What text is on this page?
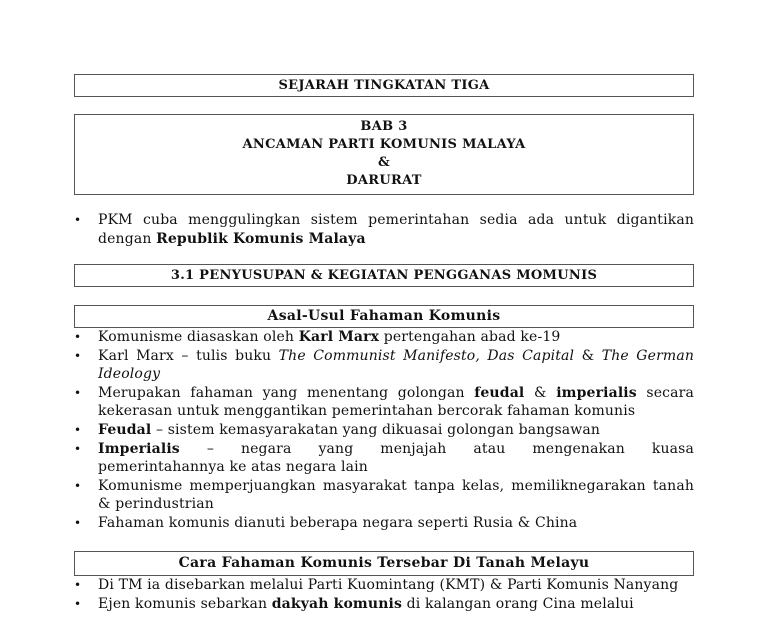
SEJARAH TINGKATAN TIGA
BAB 3
ANCAMAN PARTI KOMUNIS MALAYA
&
DARURAT
• PKM cuba menggulingkan sistem pemerintahan sedia ada untuk digantikan dengan Republik Komunis Malaya
3.1 PENYUSUPAN & KEGIATAN PENGGANAS MOMUNIS
Asal-Usul Fahaman Komunis
• Komunisme diasaskan oleh Karl Marx pertengahan abad ke-19
• Karl Marx – tulis buku The Communist Manifesto, Das Capital & The German Ideology
• Merupakan fahaman yang menentang golongan feudal & imperialis secara kekerasan untuk menggantikan pemerintahan bercorak fahaman komunis
• Feudal – sistem kemasyarakatan yang dikuasai golongan bangsawan
• Imperialis – negara yang menjajah atau mengenakan kuasa
pemerintahannya ke atas negara lain
• Komunisme memperjuangkan masyarakat tanpa kelas, memiliknegarakan tanah & perindustrian
• Fahaman komunis dianuti beberapa negara seperti Rusia & China
Cara Fahaman Komunis Tersebar Di Tanah Melayu
• Di TM ia disebarkan melalui Parti Kuomintang (KMT) & Parti Komunis Nanyang
• Ejen komunis sebarkan dakyah komunis di kalangan orang Cina melalui
